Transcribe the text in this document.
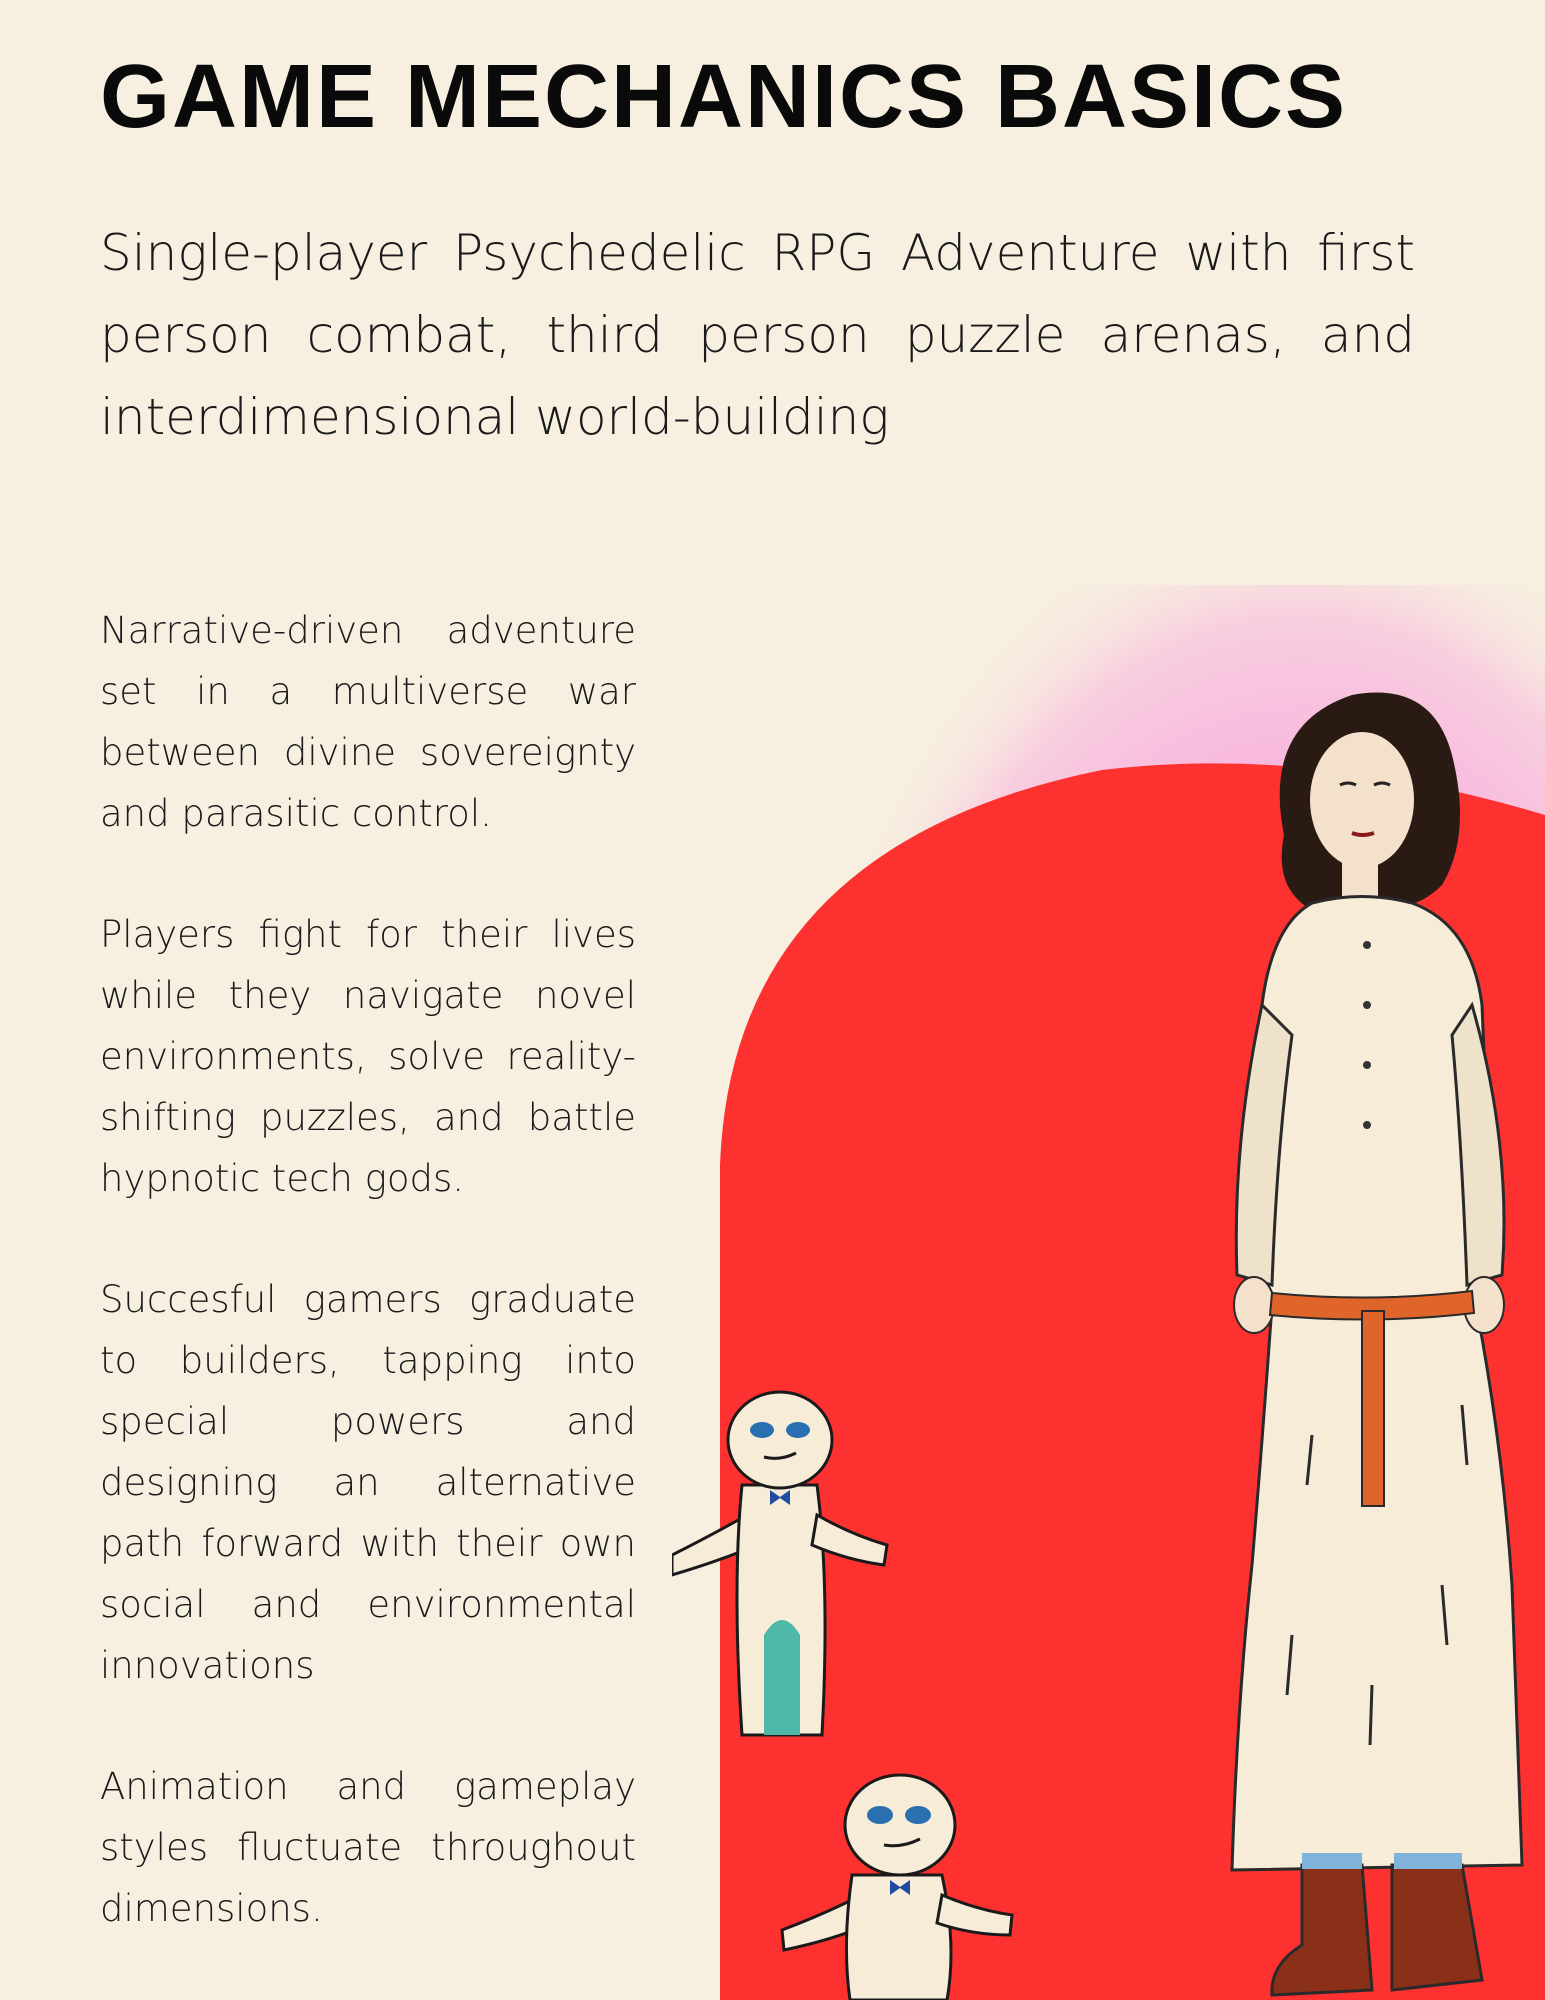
GAME MECHANICS BASICS

Single-player Psychedelic RPG Adventure with first person combat, third person puzzle arenas, and interdimensional world-building

Narrative-driven adventure set in a multiverse war between divine sovereignty and parasitic control.

Players fight for their lives while they navigate novel environments, solve reality-shifting puzzles, and battle hypnotic tech gods.

Succesful gamers graduate to builders, tapping into special powers and designing an alternative path forward with their own social and environmental innovations

Animation and gameplay styles fluctuate throughout dimensions.
